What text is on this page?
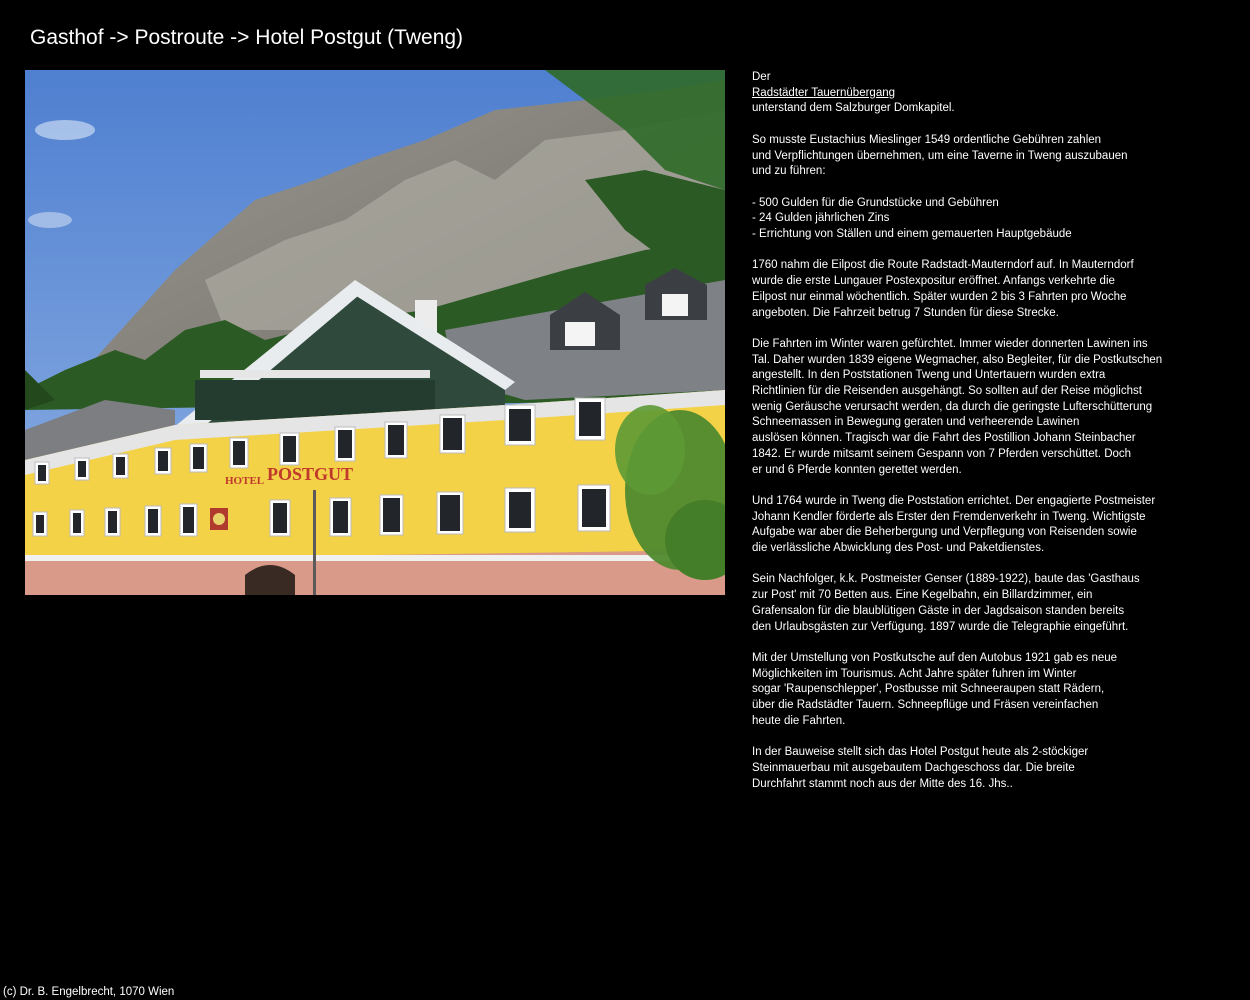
Gasthof -> Postroute -> Hotel Postgut (Tweng)
HOTEL POSTGUT
Der
Radstädter Tauernübergang
unterstand dem Salzburger Domkapitel.
So musste Eustachius Mieslinger 1549 ordentliche Gebühren zahlen
und Verpflichtungen übernehmen, um eine Taverne in Tweng auszubauen
und zu führen:
- 500 Gulden für die Grundstücke und Gebühren
- 24 Gulden jährlichen Zins
- Errichtung von Ställen und einem gemauerten Hauptgebäude
1760 nahm die Eilpost die Route Radstadt-Mauterndorf auf. In Mauterndorf
wurde die erste Lungauer Postexpositur eröffnet. Anfangs verkehrte die
Eilpost nur einmal wöchentlich. Später wurden 2 bis 3 Fahrten pro Woche
angeboten. Die Fahrzeit betrug 7 Stunden für diese Strecke.
Die Fahrten im Winter waren gefürchtet. Immer wieder donnerten Lawinen ins
Tal. Daher wurden 1839 eigene Wegmacher, also Begleiter, für die Postkutschen
angestellt. In den Poststationen Tweng und Untertauern wurden extra
Richtlinien für die Reisenden ausgehängt. So sollten auf der Reise möglichst
wenig Geräusche verursacht werden, da durch die geringste Lufterschütterung
Schneemassen in Bewegung geraten und verheerende Lawinen
auslösen können. Tragisch war die Fahrt des Postillion Johann Steinbacher
1842. Er wurde mitsamt seinem Gespann von 7 Pferden verschüttet. Doch
er und 6 Pferde konnten gerettet werden.
Und 1764 wurde in Tweng die Poststation errichtet. Der engagierte Postmeister
Johann Kendler förderte als Erster den Fremdenverkehr in Tweng. Wichtigste
Aufgabe war aber die Beherbergung und Verpflegung von Reisenden sowie
die verlässliche Abwicklung des Post- und Paketdienstes.
Sein Nachfolger, k.k. Postmeister Genser (1889-1922), baute das 'Gasthaus
zur Post' mit 70 Betten aus. Eine Kegelbahn, ein Billardzimmer, ein
Grafensalon für die blaublütigen Gäste in der Jagdsaison standen bereits
den Urlaubsgästen zur Verfügung. 1897 wurde die Telegraphie eingeführt.
Mit der Umstellung von Postkutsche auf den Autobus 1921 gab es neue
Möglichkeiten im Tourismus. Acht Jahre später fuhren im Winter
sogar 'Raupenschlepper', Postbusse mit Schneeraupen statt Rädern,
über die Radstädter Tauern. Schneepflüge und Fräsen vereinfachen
heute die Fahrten.
In der Bauweise stellt sich das Hotel Postgut heute als 2-stöckiger
Steinmauerbau mit ausgebautem Dachgeschoss dar. Die breite
Durchfahrt stammt noch aus der Mitte des 16. Jhs..
(c) Dr. B. Engelbrecht, 1070 Wien
